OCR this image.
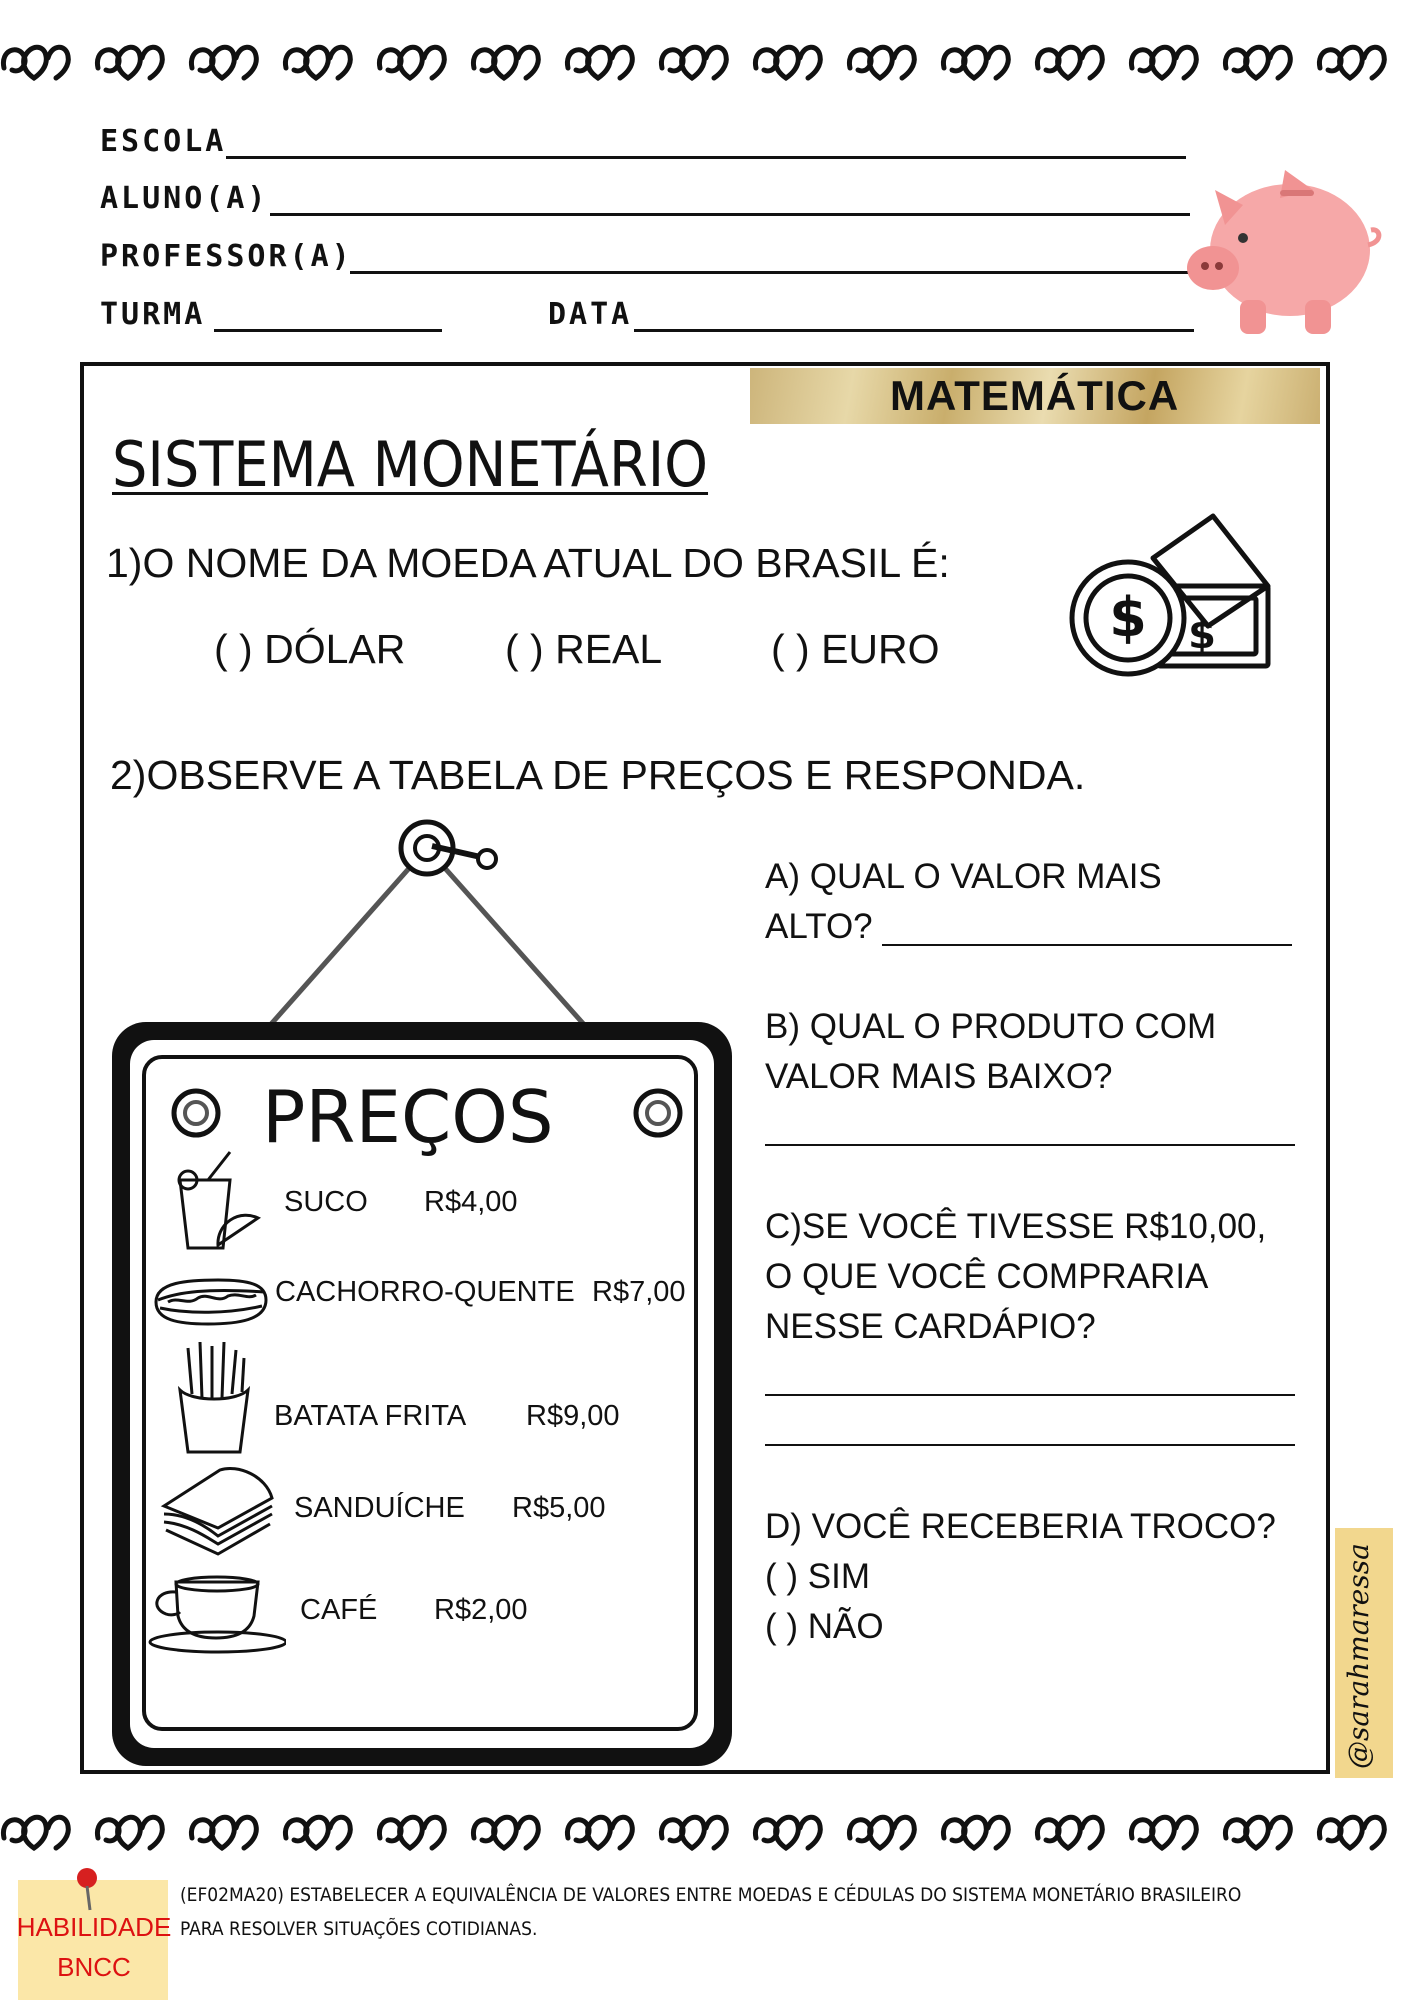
ESCOLA
ALUNO(A)
PROFESSOR(A)
TURMA	DATA
MATEMÁTICA
SISTEMA MONETÁRIO
1)O NOME DA MOEDA ATUAL DO BRASIL É:
( ) DÓLAR ( ) REAL	( ) EURO	$ $
2)OBSERVE A TABELA DE PREÇOS E RESPONDA.
PREÇOS
SUCO R$4,00
CACHORRO-QUENTE R$7,00
BATATA FRITA R$9,00
SANDUÍCHE R$5,00
CAFÉ R$2,00
A) QUAL O VALOR MAIS
ALTO?
B) QUAL O PRODUTO COM
VALOR MAIS BAIXO?
C)SE VOCÊ TIVESSE R$10,00,
O QUE VOCÊ COMPRARIA
NESSE CARDÁPIO?
D) VOCÊ RECEBERIA TROCO?
( ) SIM
( ) NÃO	@sarahmaressa
HABILIDADE
BNCC
(EF02MA20) ESTABELECER A EQUIVALÊNCIA DE VALORES ENTRE MOEDAS E CÉDULAS DO SISTEMA MONETÁRIO BRASILEIRO
PARA RESOLVER SITUAÇÕES COTIDIANAS.
